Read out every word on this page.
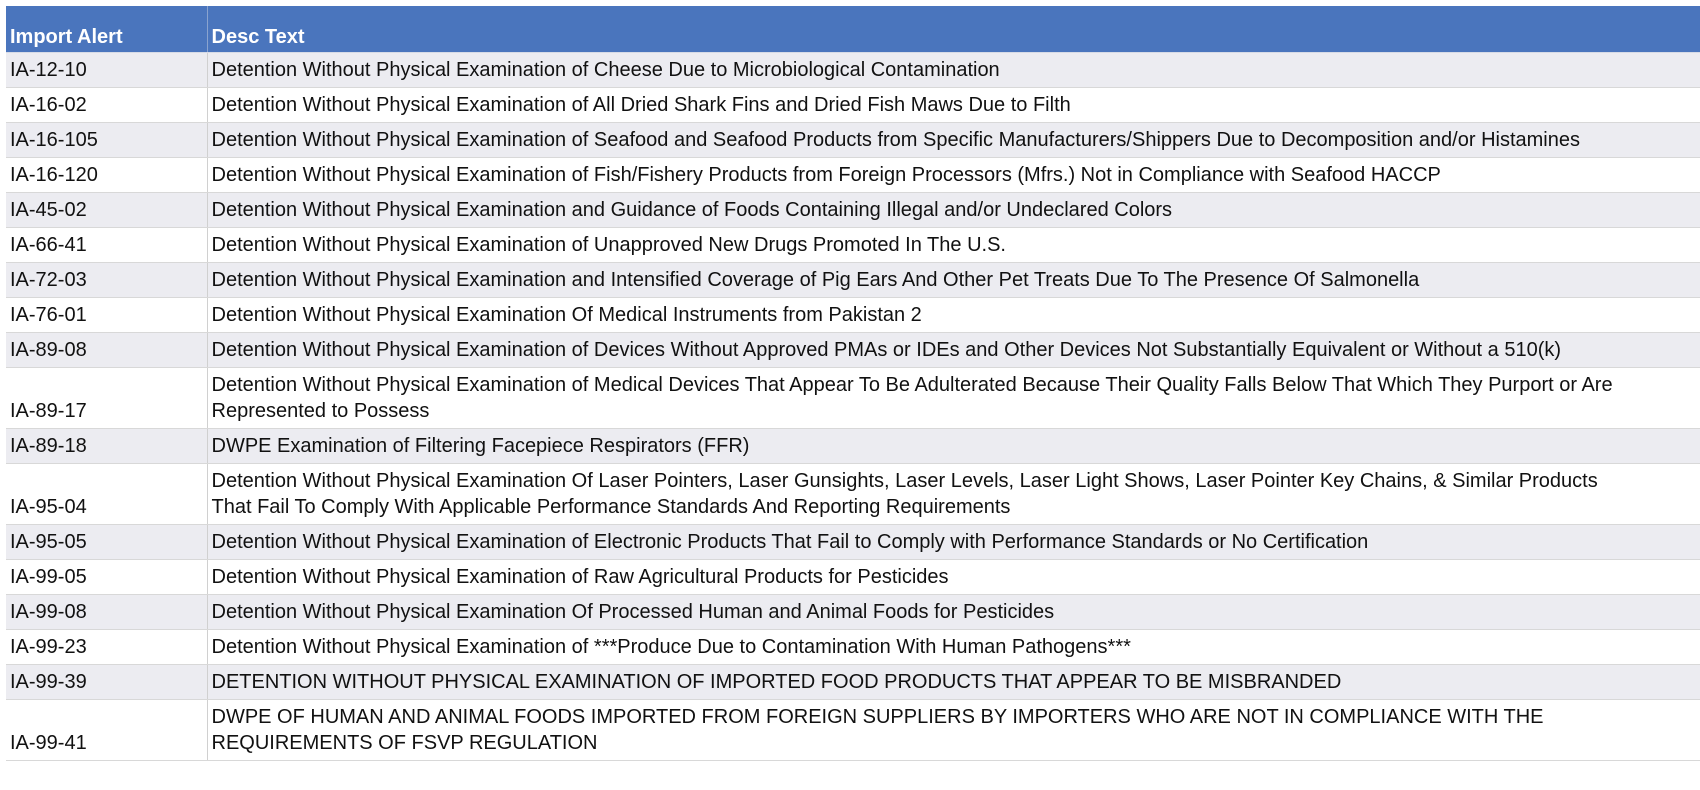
Import Alert	Desc Text
IA-12-10	Detention Without Physical Examination of Cheese Due to Microbiological Contamination
IA-16-02	Detention Without Physical Examination of All Dried Shark Fins and Dried Fish Maws Due to Filth
IA-16-105	Detention Without Physical Examination of Seafood and Seafood Products from Specific Manufacturers/Shippers Due to Decomposition and/or Histamines
IA-16-120	Detention Without Physical Examination of Fish/Fishery Products from Foreign Processors (Mfrs.) Not in Compliance with Seafood HACCP
IA-45-02	Detention Without Physical Examination and Guidance of Foods Containing Illegal and/or Undeclared Colors
IA-66-41	Detention Without Physical Examination of Unapproved New Drugs Promoted In The U.S.
IA-72-03	Detention Without Physical Examination and Intensified Coverage of Pig Ears And Other Pet Treats Due To The Presence Of Salmonella
IA-76-01	Detention Without Physical Examination Of Medical Instruments from Pakistan 2
IA-89-08	Detention Without Physical Examination of Devices Without Approved PMAs or IDEs and Other Devices Not Substantially Equivalent or Without a 510(k)
IA-89-17	Detention Without Physical Examination of Medical Devices That Appear To Be Adulterated Because Their Quality Falls Below That Which They Purport or Are Represented to Possess
IA-89-18	DWPE Examination of Filtering Facepiece Respirators (FFR)
IA-95-04	Detention Without Physical Examination Of Laser Pointers, Laser Gunsights, Laser Levels, Laser Light Shows, Laser Pointer Key Chains, & Similar Products That Fail To Comply With Applicable Performance Standards And Reporting Requirements
IA-95-05	Detention Without Physical Examination of Electronic Products That Fail to Comply with Performance Standards or No Certification
IA-99-05	Detention Without Physical Examination of Raw Agricultural Products for Pesticides
IA-99-08	Detention Without Physical Examination Of Processed Human and Animal Foods for Pesticides
IA-99-23	Detention Without Physical Examination of ***Produce Due to Contamination With Human Pathogens***
IA-99-39	DETENTION WITHOUT PHYSICAL EXAMINATION OF IMPORTED FOOD PRODUCTS THAT APPEAR TO BE MISBRANDED
IA-99-41	DWPE OF HUMAN AND ANIMAL FOODS IMPORTED FROM FOREIGN SUPPLIERS BY IMPORTERS WHO ARE NOT IN COMPLIANCE WITH THE REQUIREMENTS OF FSVP REGULATION
